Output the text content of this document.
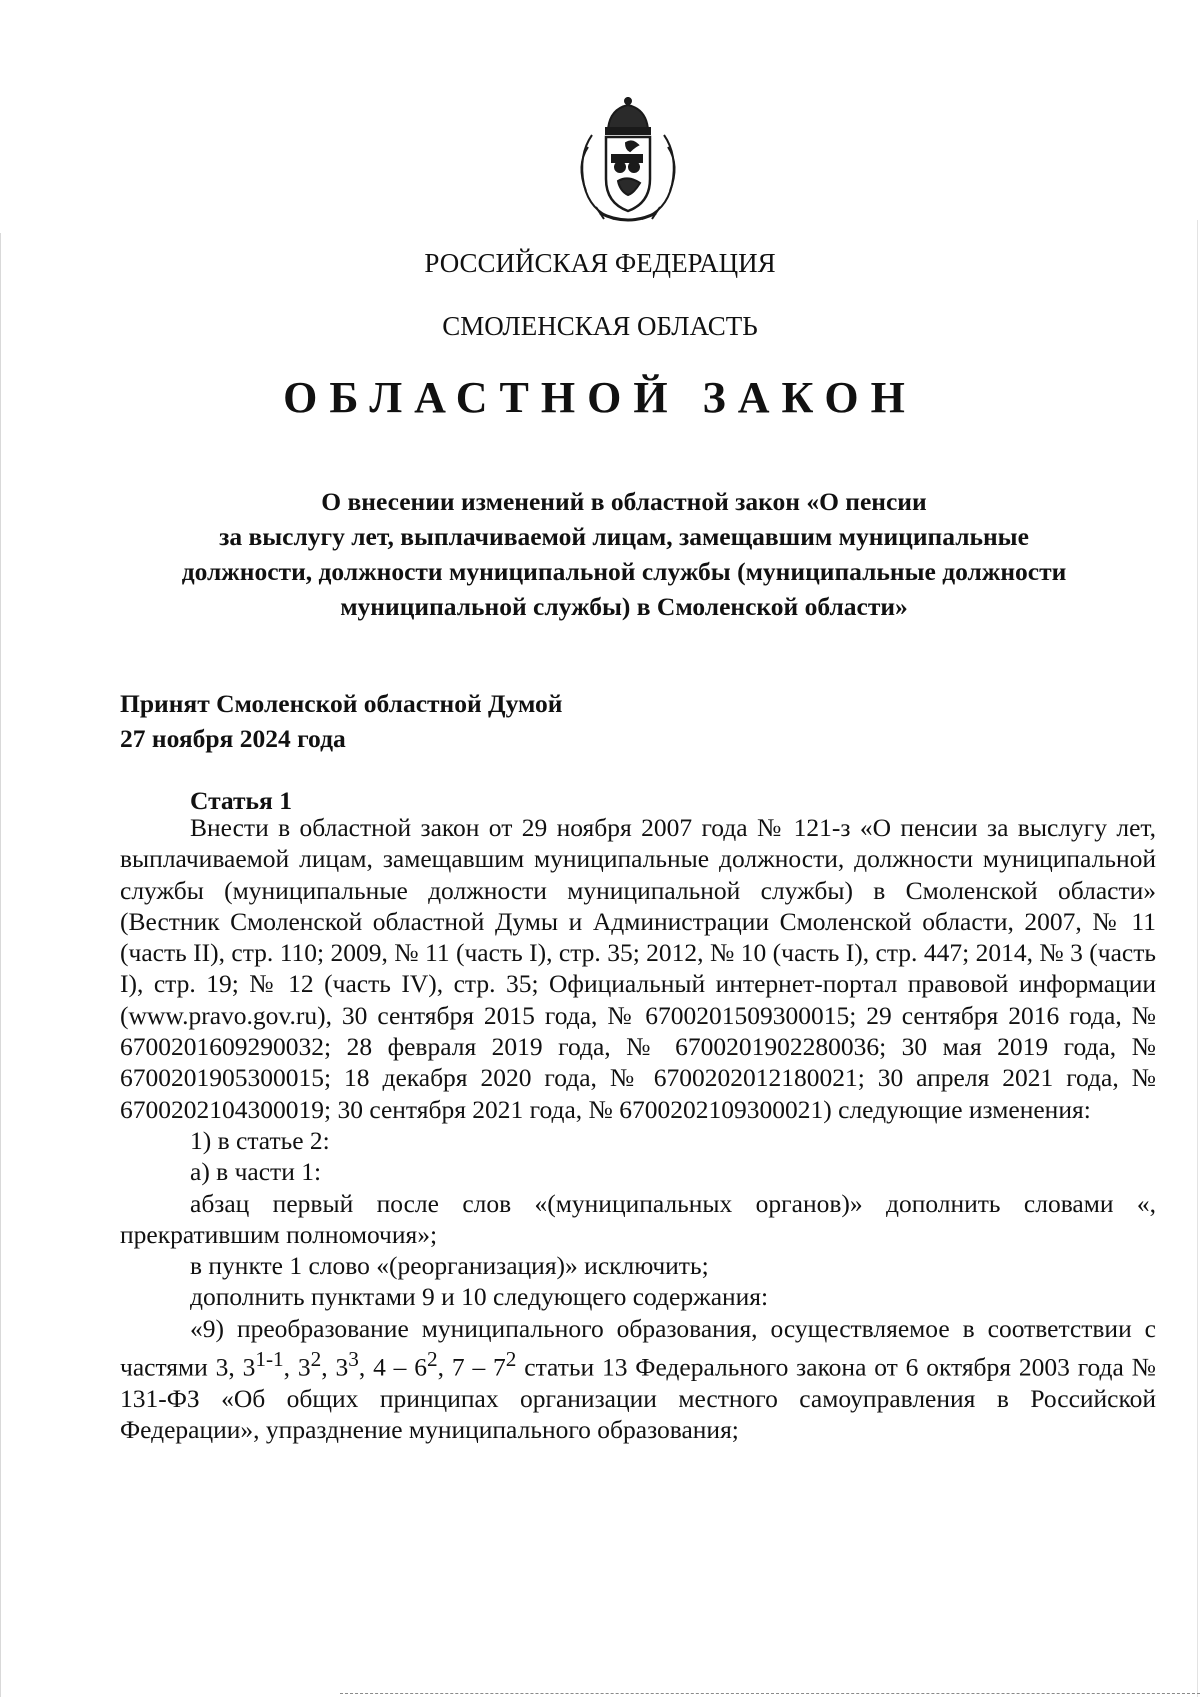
РОССИЙСКАЯ ФЕДЕРАЦИЯ
СМОЛЕНСКАЯ ОБЛАСТЬ
ОБЛАСТНОЙ ЗАКОН
О внесении изменений в областной закон «О пенсии
за выслугу лет, выплачиваемой лицам, замещавшим муниципальные
должности, должности муниципальной службы (муниципальные должности
муниципальной службы) в Смоленской области»
Принят Смоленской областной Думой
27 ноября 2024 года
Статья 1

Внести в областной закон от 29 ноября 2007 года № 121-з «О пенсии за выслугу лет, выплачиваемой лицам, замещавшим муниципальные должности, должности муниципальной службы (муниципальные должности муниципальной службы) в Смоленской области» (Вестник Смоленской областной Думы и Администрации Смоленской области, 2007, № 11 (часть II), стр. 110; 2009, № 11 (часть I), стр. 35; 2012, № 10 (часть I), стр. 447; 2014, № 3 (часть I), стр. 19; № 12 (часть IV), стр. 35; Официальный интернет-портал правовой информации (www.pravo.gov.ru), 30 сентября 2015 года, № 6700201509300015; 29 сентября 2016 года, № 6700201609290032; 28 февраля 2019 года, № 6700201902280036; 30 мая 2019 года, № 6700201905300015; 18 декабря 2020 года, № 6700202012180021; 30 апреля 2021 года, № 6700202104300019; 30 сентября 2021 года, № 6700202109300021) следующие изменения:

1) в статье 2:

а) в части 1:

абзац первый после слов «(муниципальных органов)» дополнить словами «, прекратившим полномочия»;

в пункте 1 слово «(реорганизация)» исключить;

дополнить пунктами 9 и 10 следующего содержания:

«9) преобразование муниципального образования, осуществляемое в соответствии с частями 3, 3$^{1-1}$, $3^2$, $3^3$, $4 - 6^2$, $7 - 7^2$ статьи 13 Федерального закона от 6 октября 2003 года № 131-ФЗ «Об общих принципах организации местного самоуправления в Российской Федерации», упразднение муниципального образования;
